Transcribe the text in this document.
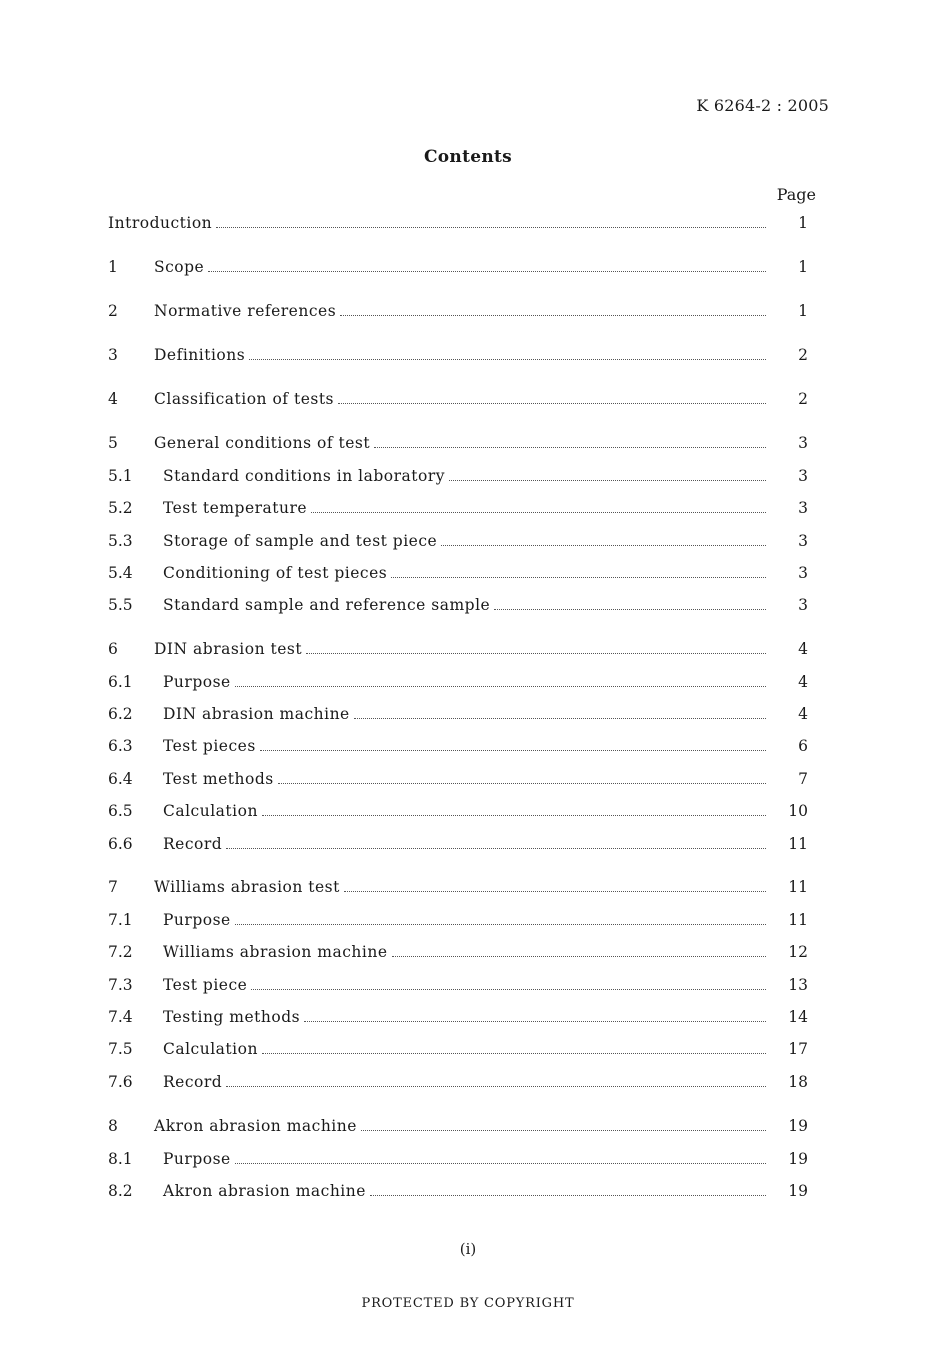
K 6264-2 : 2005
Contents
Page
Introduction	1
1	Scope	1
2	Normative references	1
3	Definitions	2
4	Classification of tests	2
5	General conditions of test	3
5.1	Standard conditions in laboratory	3
5.2	Test temperature	3
5.3	Storage of sample and test piece	3
5.4	Conditioning of test pieces	3
5.5	Standard sample and reference sample	3
6	DIN abrasion test	4
6.1	Purpose	4
6.2	DIN abrasion machine	4
6.3	Test pieces	6
6.4	Test methods	7
6.5	Calculation	10
6.6	Record	11
7	Williams abrasion test	11
7.1	Purpose	11
7.2	Williams abrasion machine	12
7.3	Test piece	13
7.4	Testing methods	14
7.5	Calculation	17
7.6	Record	18
8	Akron abrasion machine	19
8.1	Purpose	19
8.2	Akron abrasion machine	19
(i)
PROTECTED BY COPYRIGHT
